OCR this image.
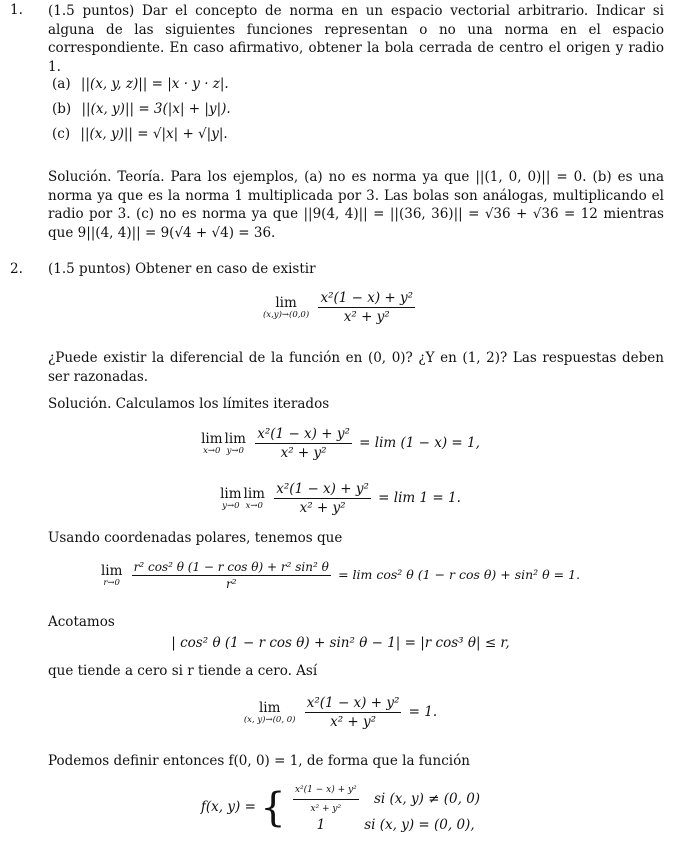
1. (1.5 puntos) Dar el concepto de norma en un espacio vectorial arbitrario. Indicar si alguna de las siguientes funciones representan o no una norma en el espacio correspondiente. En caso afirmativo, obtener la bola cerrada de centro el origen y radio 1.
(a) ||(x, y, z)|| = |x · y · z|.
(b) ||(x, y)|| = 3(|x| + |y|).
(c) ||(x, y)|| = √|x| + √|y|.
Solución. Teoría. Para los ejemplos, (a) no es norma ya que ||(1, 0, 0)|| = 0. (b) es una norma ya que es la norma 1 multiplicada por 3. Las bolas son análogas, multiplicando el radio por 3. (c) no es norma ya que ||9(4, 4)|| = ||(36, 36)|| = √36 + √36 = 12 mientras que 9||(4, 4)|| = 9(√4 + √4) = 36.
2. (1.5 puntos) Obtener en caso de existir
lim
(x,y)→(0,0)
$\frac{\text{x²(1 − x) + y²}}{\text{x² + y²}}$
¿Puede existir la diferencial de la función en (0, 0)? ¿Y en (1, 2)? Las respuestas deben ser razonadas.
Solución. Calculamos los límites iterados
lim
x→0
lim
y→0
$\frac{\text{x²(1 − x) + y²}}{\text{x² + y²}} = \lim (1 - x) = 1$,
lim
y→0
lim
x→0
$\frac{\text{x²(1 − x) + y²}}{\text{x² + y²}} = \lim 1 = 1$.
Usando coordenadas polares, tenemos que
lim
r→0
$\frac{\text{r² cos² θ (1 − r cos θ) + r² sin² θ}}{\text{r²}} = \lim \cos^2$ θ (1 − r cos θ) + sin² θ = 1.
Acotamos
| cos² θ (1 − r cos θ) + sin² θ − 1| = |r cos³ θ| ≤ r,
que tiende a cero si r tiende a cero. Así
lim
(x, y)→(0, 0)
$\frac{\text{x²(1 − x) + y²}}{\text{x² + y²}} = 1$.
Podemos definir entonces f(0, 0) = 1, de forma que la función
f(x, y) = { $\frac{\text{x²(1 − x) + y²}}{\text{x² + y²}}$ si (x, y) ≠ (0, 0)
1	si (x, y) = (0, 0),
